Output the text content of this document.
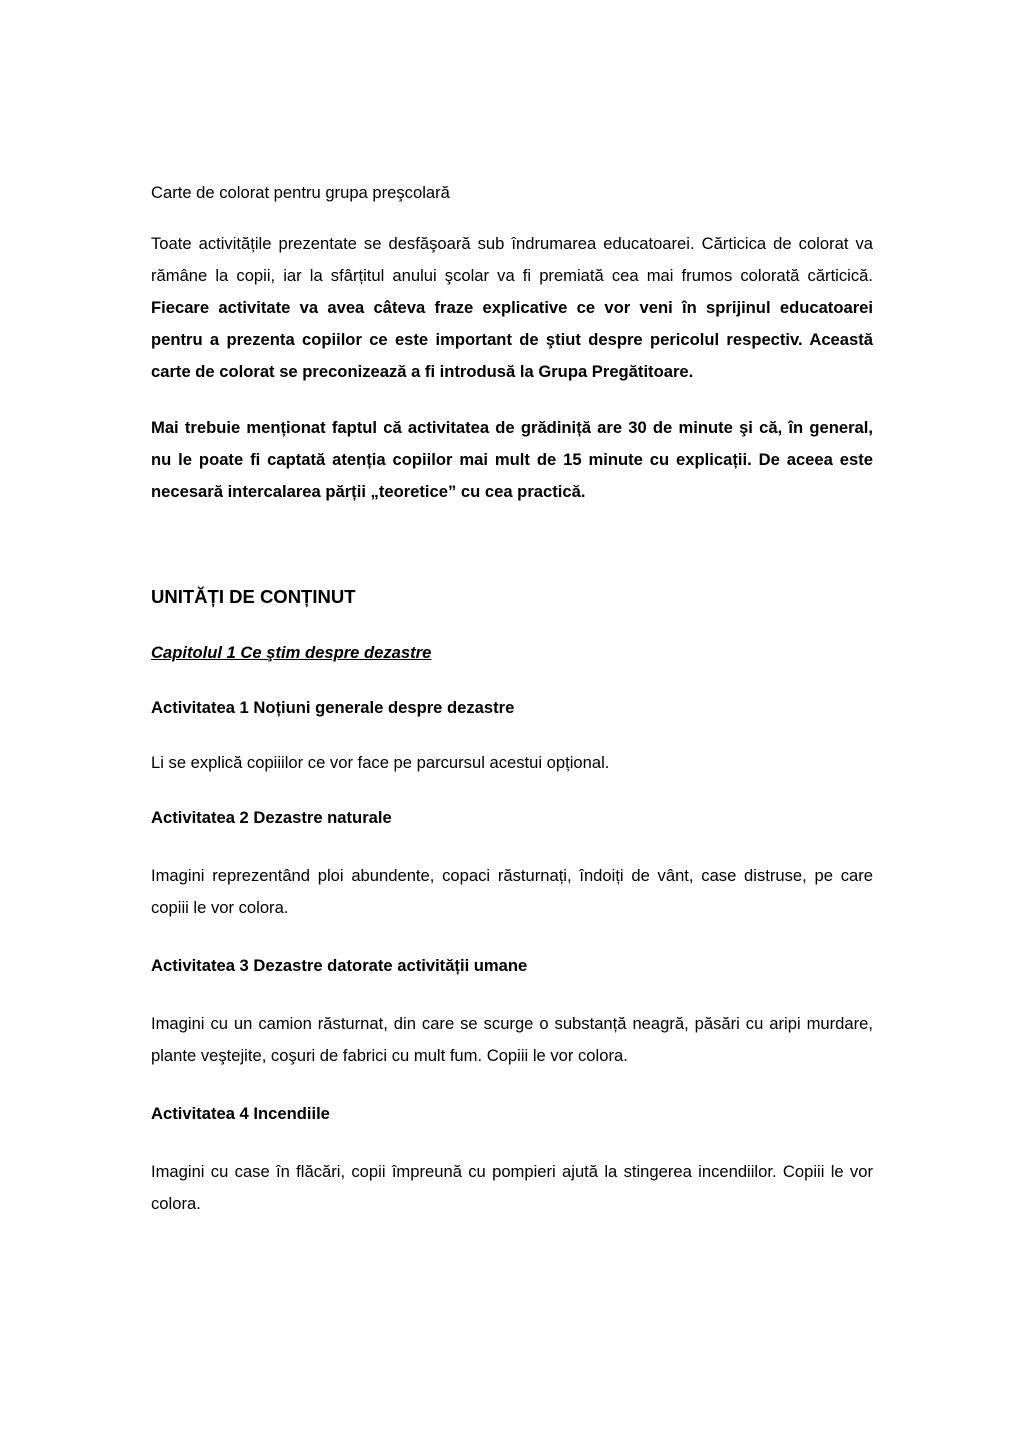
Carte de colorat pentru grupa preşcolară

Toate activitățile prezentate se desfăşoară sub îndrumarea educatoarei. Cărticica de colorat va rămâne la copii, iar la sfârțitul anului şcolar va fi premiată cea mai frumos colorată cărticică. Fiecare activitate va avea câteva fraze explicative ce vor veni în sprijinul educatoarei pentru a prezenta copiilor ce este important de ştiut despre pericolul respectiv. Această carte de colorat se preconizează a fi introdusă la Grupa Pregătitoare.

Mai trebuie menționat faptul că activitatea de grădiniță are 30 de minute şi că, în general, nu le poate fi captată atenția copiilor mai mult de 15 minute cu explicații. De aceea este necesară intercalarea părții „teoretice” cu cea practică.

UNITĂȚI DE CONȚINUT

Capitolul 1 Ce ştim despre dezastre

Activitatea 1 Noțiuni generale despre dezastre

Li se explică copiiilor ce vor face pe parcursul acestui opțional.

Activitatea 2 Dezastre naturale

Imagini reprezentând ploi abundente, copaci răsturnați, îndoiți de vânt, case distruse, pe care copiii le vor colora.

Activitatea 3 Dezastre datorate activității umane

Imagini cu un camion răsturnat, din care se scurge o substanță neagră, păsări cu aripi murdare, plante veştejite, coşuri de fabrici cu mult fum. Copiii le vor colora.

Activitatea 4 Incendiile

Imagini cu case în flăcări, copii împreună cu pompieri ajută la stingerea incendiilor. Copiii le vor colora.
